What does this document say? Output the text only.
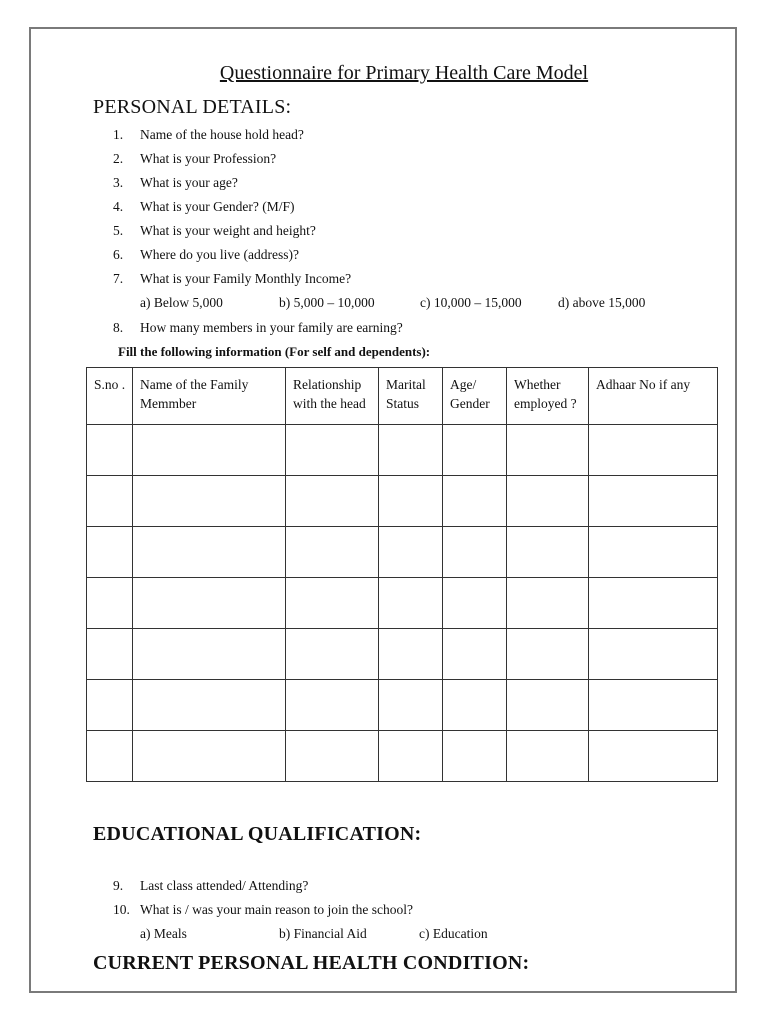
Questionnaire for Primary Health Care Model
PERSONAL DETAILS:
1. Name of the house hold head?
2. What is your Profession?
3. What is your age?
4. What is your Gender? (M/F)
5. What is your weight and height?
6. Where do you live (address)?
7. What is your Family Monthly Income?
a) Below 5,000	b) 5,000 – 10,000	c) 10,000 – 15,000	d) above 15,000
8. How many members in your family are earning?
Fill the following information (For self and dependents):
S.no .	Name of the Family Memmber	Relationship with the head	Marital Status	Age/ Gender	Whether employed ?	Adhaar No if any

EDUCATIONAL QUALIFICATION:
9. Last class attended/ Attending?
10. What is / was your main reason to join the school?
a) Meals	b) Financial Aid	c) Education
CURRENT PERSONAL HEALTH CONDITION:
